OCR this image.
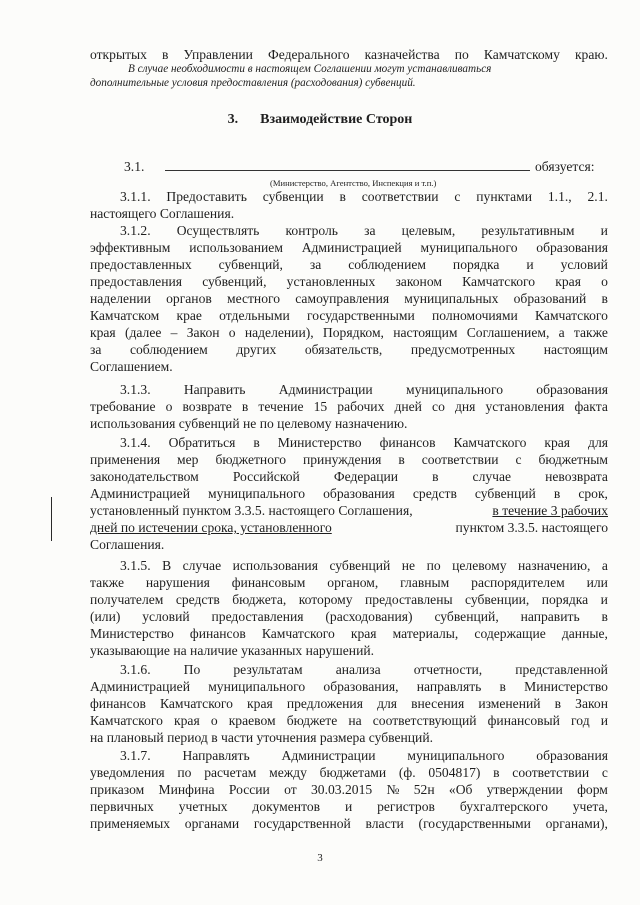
открытых в Управлении Федерального казначейства по Камчатскому краю.
В случае необходимости в настоящем Соглашении могут устанавливаться
дополнительные условия предоставления (расходования) субвенций.
3. Взаимодействие Сторон
3.1.	обязуется:
(Министерство, Агентство, Инспекция и т.п.)
3.1.1. Предоставить субвенции в соответствии с пунктами 1.1., 2.1.
настоящего Соглашения.
3.1.2. Осуществлять контроль за целевым, результативным и
эффективным использованием Администрацией муниципального образования
предоставленных субвенций, за соблюдением порядка и условий
предоставления субвенций, установленных законом Камчатского края о
наделении органов местного самоуправления муниципальных образований в
Камчатском крае отдельными государственными полномочиями Камчатского
края (далее – Закон о наделении), Порядком, настоящим Соглашением, а также
за соблюдением других обязательств, предусмотренных настоящим
Соглашением.
3.1.3. Направить Администрации муниципального образования
требование о возврате в течение 15 рабочих дней со дня установления факта
использования субвенций не по целевому назначению.
3.1.4. Обратиться в Министерство финансов Камчатского края для
применения мер бюджетного принуждения в соответствии с бюджетным
законодательством	Российской	Федерации	в	случае	невозврата
Администрацией муниципального образования средств субвенций в срок,
установленный пунктом 3.3.5. настоящего Соглашения,	в течение 3 рабочих
дней по истечении срока, установленного	пунктом 3.3.5. настоящего
Соглашения.
3.1.5. В случае использования субвенций не по целевому назначению, а
также нарушения финансовым органом, главным распорядителем или
получателем средств бюджета, которому предоставлены субвенции, порядка и
(или) условий предоставления (расходования) субвенций, направить в
Министерство финансов Камчатского края материалы, содержащие данные,
указывающие на наличие указанных нарушений.
3.1.6. По результатам анализа отчетности, представленной
Администрацией муниципального образования, направлять в Министерство
финансов Камчатского края предложения для внесения изменений в Закон
Камчатского края о краевом бюджете на соответствующий финансовый год и
на плановый период в части уточнения размера субвенций.
3.1.7. Направлять Администрации муниципального образования
уведомления по расчетам между бюджетами (ф. 0504817) в соответствии с
приказом Минфина России от 30.03.2015 № 52н «Об утверждении форм
первичных учетных документов и регистров бухгалтерского учета,
применяемых органами государственной власти (государственными органами),
3
